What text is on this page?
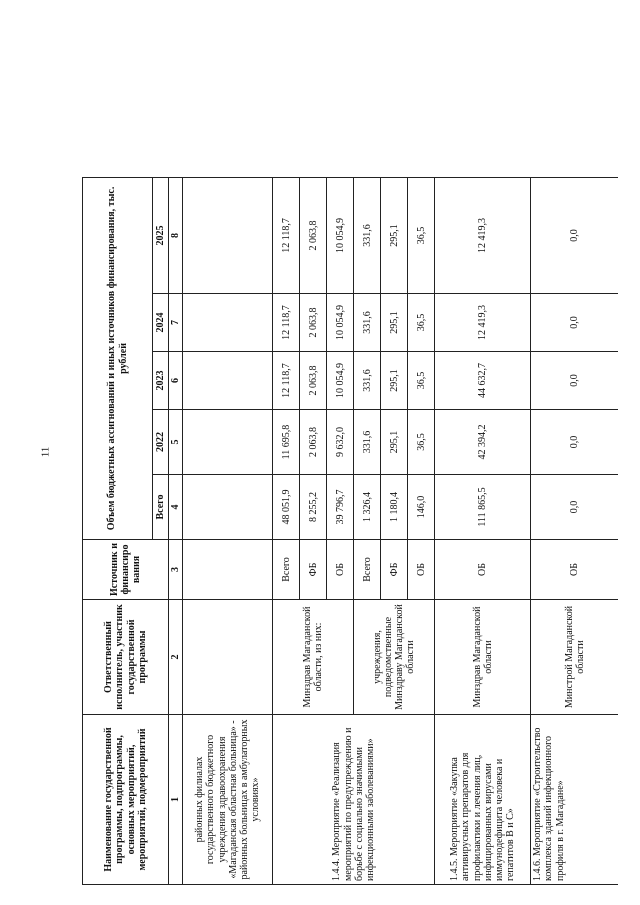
11
Наименование государственной программы, подпрограммы, основных мероприятий, мероприятий, подмероприятий	Ответственный исполнитель, участник государственной программы	Источник и финансиро вания	Объем бюджетных ассигнований и иных источников финансирования, тыс. рублей					
			Всего	2022	2023	2024	2025	
1	2	3	4	5	6	7	8	
районных филиалах государственного бюджетного учреждения здравоохранения «Магаданская областная больница» - районных больницах в амбулаторных условиях»								
1.4.4. Мероприятие «Реализация мероприятий по предупреждению и борьбе с социально значимыми инфекционными заболеваниями»	Минздрав Магаданской области, из них:	Всего	48 051,9	11 695,8	12 118,7	12 118,7	12 118,7	
		ФБ	8 255,2	2 063,8	2 063,8	2 063,8	2 063,8	
		ОБ	39 796,7	9 632,0	10 054,9	10 054,9	10 054,9	
	учреждения, подведомственные Минздраву Магаданской области	Всего	1 326,4	331,6	331,6	331,6	331,6	
		ФБ	1 180,4	295,1	295,1	295,1	295,1	
		ОБ	146,0	36,5	36,5	36,5	36,5	
1.4.5. Мероприятие «Закупка антивирусных препаратов для профилактики и лечения лиц, инфицированных вирусами иммунодефицита человека и гепатитов B и C»	Минздрав Магаданской области	ОБ	111 865,5	42 394,2	44 632,7	12 419,3	12 419,3	
1.4.6. Мероприятие «Строительство комплекса зданий инфекционного профиля в г. Магадане»	Минстрой Магаданской области	ОБ	0,0	0,0	0,0	0,0	0,0	
